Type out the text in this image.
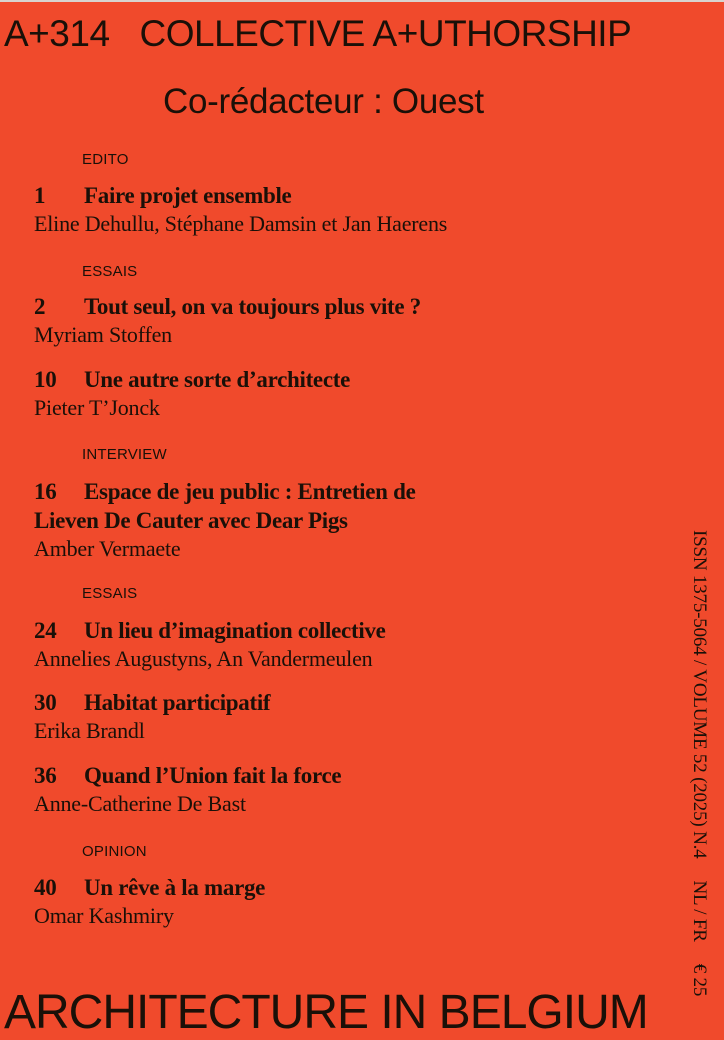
A+314 COLLECTIVE A+UTHORSHIP
Co-rédacteur : Ouest
EDITO
1 Faire projet ensemble
Eline Dehullu, Stéphane Damsin et Jan Haerens
ESSAIS
2 Tout seul, on va toujours plus vite ?
Myriam Stoffen
10 Une autre sorte d’architecte
Pieter T’Jonck
INTERVIEW
16 Espace de jeu public : Entretien de
Lieven De Cauter avec Dear Pigs
Amber Vermaete
ESSAIS
24 Un lieu d’imagination collective
Annelies Augustyns, An Vandermeulen
30 Habitat participatif
Erika Brandl
36 Quand l’Union fait la force
Anne-Catherine De Bast
OPINION
40 Un rêve à la marge
Omar Kashmiry
ISSN 1375-5064 / VOLUME 52 (2025) N.4NL / FR€ 25
ARCHITECTURE IN BELGIUM
